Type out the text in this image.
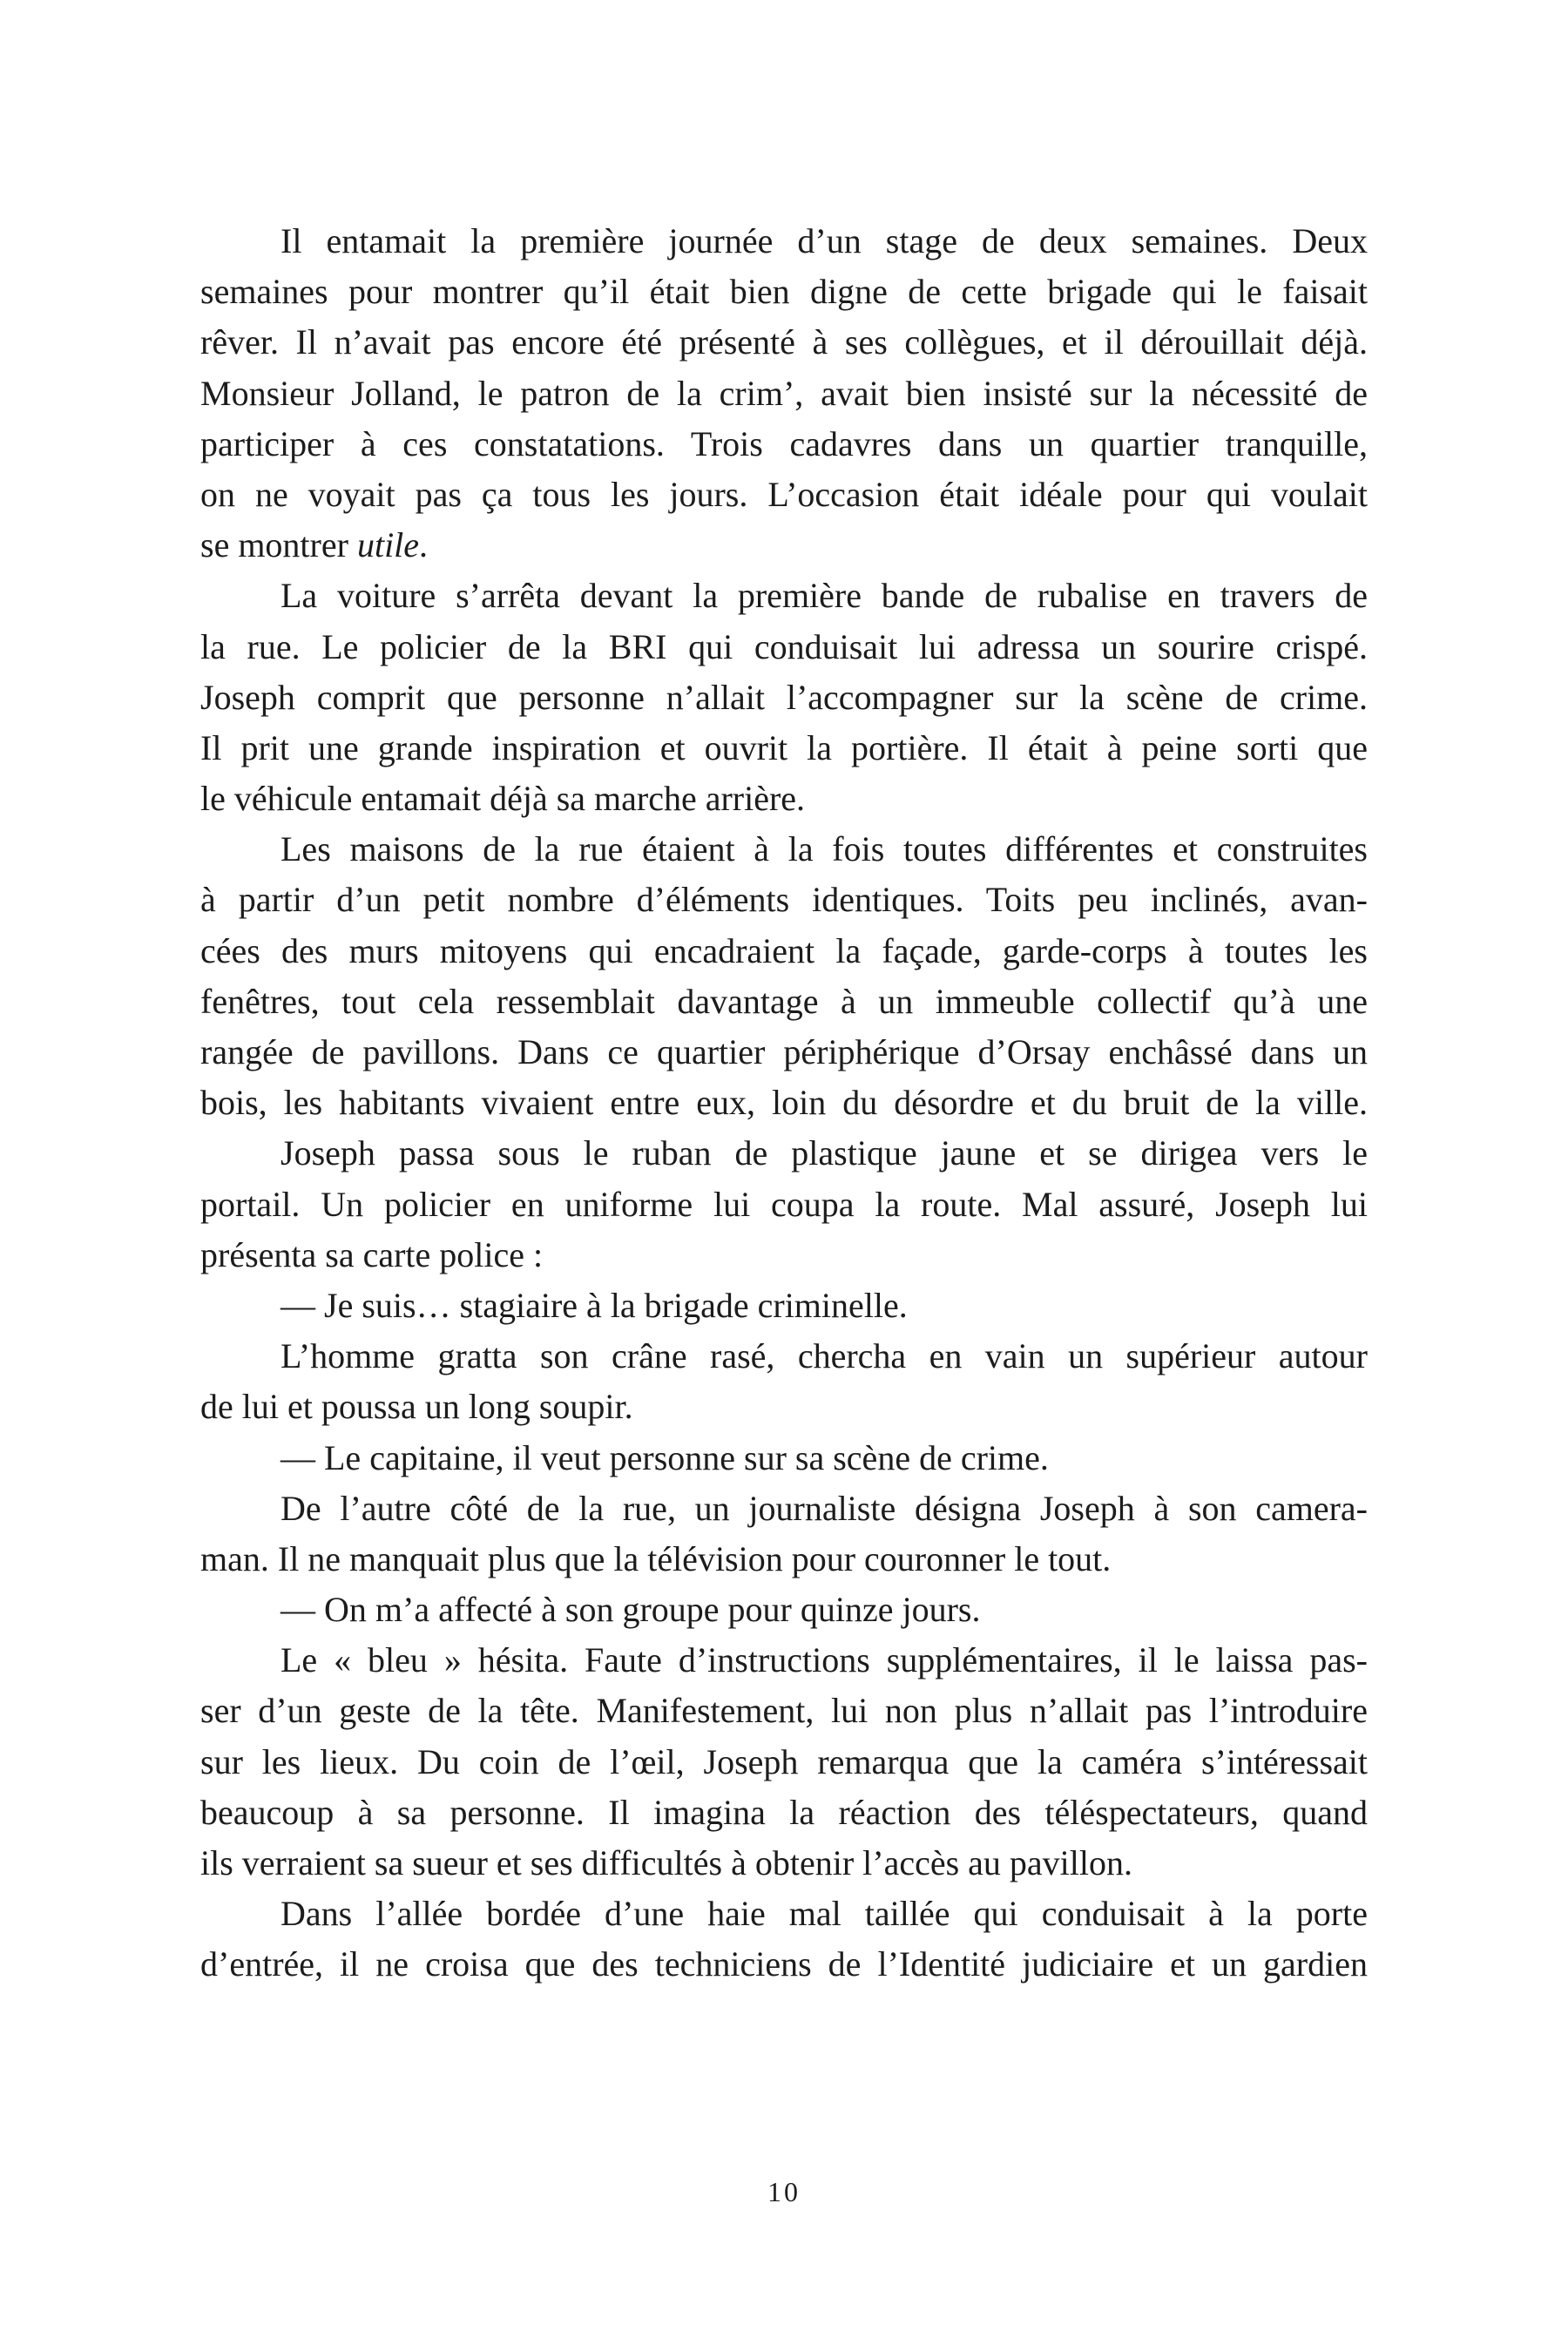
Il entamait la première journée d’un stage de deux semaines. Deux
semaines pour montrer qu’il était bien digne de cette brigade qui le faisait
rêver. Il n’avait pas encore été présenté à ses collègues, et il dérouillait déjà.
Monsieur Jolland, le patron de la crim’, avait bien insisté sur la nécessité de
participer à ces constatations. Trois cadavres dans un quartier tranquille,
on ne voyait pas ça tous les jours. L’occasion était idéale pour qui voulait
se montrer utile.
La voiture s’arrêta devant la première bande de rubalise en travers de
la rue. Le policier de la BRI qui conduisait lui adressa un sourire crispé.
Joseph comprit que personne n’allait l’accompagner sur la scène de crime.
Il prit une grande inspiration et ouvrit la portière. Il était à peine sorti que
le véhicule entamait déjà sa marche arrière.
Les maisons de la rue étaient à la fois toutes différentes et construites
à partir d’un petit nombre d’éléments identiques. Toits peu inclinés, avan-
cées des murs mitoyens qui encadraient la façade, garde-corps à toutes les
fenêtres, tout cela ressemblait davantage à un immeuble collectif qu’à une
rangée de pavillons. Dans ce quartier périphérique d’Orsay enchâssé dans un
bois, les habitants vivaient entre eux, loin du désordre et du bruit de la ville.
Joseph passa sous le ruban de plastique jaune et se dirigea vers le
portail. Un policier en uniforme lui coupa la route. Mal assuré, Joseph lui
présenta sa carte police :
— Je suis… stagiaire à la brigade criminelle.
L’homme gratta son crâne rasé, chercha en vain un supérieur autour
de lui et poussa un long soupir.
— Le capitaine, il veut personne sur sa scène de crime.
De l’autre côté de la rue, un journaliste désigna Joseph à son camera-
man. Il ne manquait plus que la télévision pour couronner le tout.
— On m’a affecté à son groupe pour quinze jours.
Le « bleu » hésita. Faute d’instructions supplémentaires, il le laissa pas-
ser d’un geste de la tête. Manifestement, lui non plus n’allait pas l’introduire
sur les lieux. Du coin de l’œil, Joseph remarqua que la caméra s’intéressait
beaucoup à sa personne. Il imagina la réaction des téléspectateurs, quand
ils verraient sa sueur et ses difficultés à obtenir l’accès au pavillon.
Dans l’allée bordée d’une haie mal taillée qui conduisait à la porte
d’entrée, il ne croisa que des techniciens de l’Identité judiciaire et un gardien
10
